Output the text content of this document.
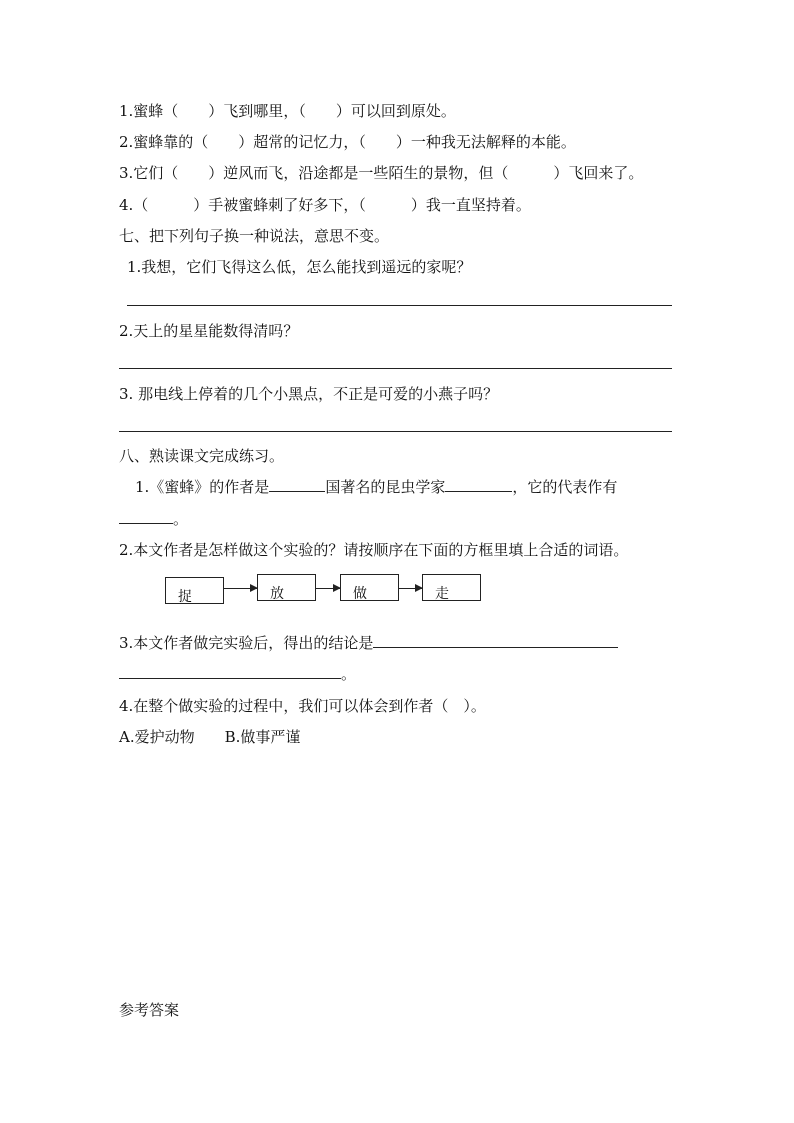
1.蜜蜂（　　）飞到哪里，（　　）可以回到原处。
2.蜜蜂靠的（　　）超常的记忆力，（　　）一种我无法解释的本能。
3.它们（　　）逆风而飞，沿途都是一些陌生的景物，但（　　　）飞回来了。
4.（　　　）手被蜜蜂刺了好多下，（　　　）我一直坚持着。
七、把下列句子换一种说法，意思不变。
1.我想，它们飞得这么低，怎么能找到遥远的家呢？
2.天上的星星能数得清吗？
3. 那电线上停着的几个小黑点，不正是可爱的小燕子吗？
八、熟读课文完成练习。
1.《蜜蜂》的作者是	国著名的昆虫学家	，它的代表作有
。
2.本文作者是怎样做这个实验的？请按顺序在下面的方框里填上合适的词语。
捉	放	做	走
3.本文作者做完实验后，得出的结论是
。
4.在整个做实验的过程中，我们可以体会到作者（　）。
A.爱护动物　　B.做事严谨
参考答案
